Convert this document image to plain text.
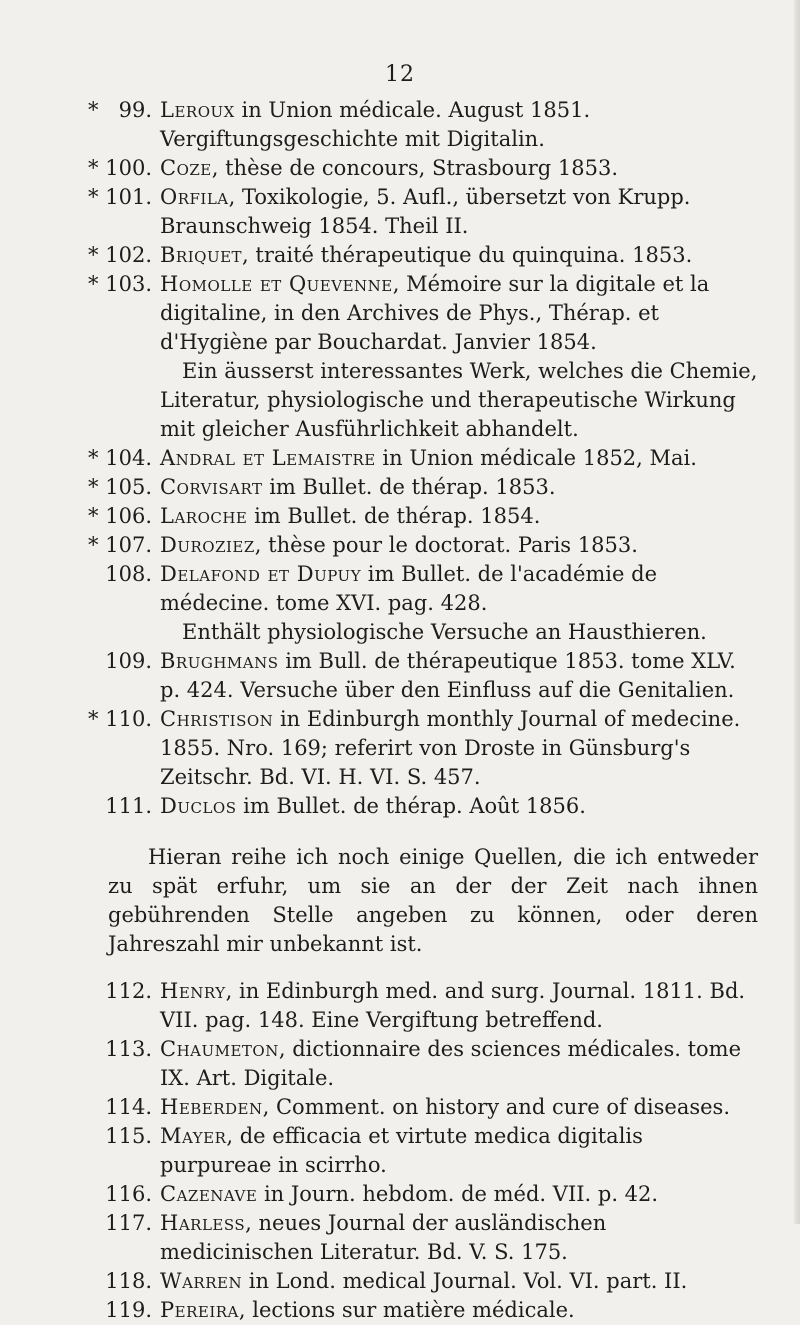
12
* 99. Leroux in Union médicale. August 1851. Vergiftungsgeschichte mit Digitalin.
* 100. Coze, thèse de concours, Strasbourg 1853.
* 101. Orfila, Toxikologie, 5. Aufl., übersetzt von Krupp. Braunschweig 1854. Theil II.
* 102. Briquet, traité thérapeutique du quinquina. 1853.
* 103. Homolle et Quevenne, Mémoire sur la digitale et la digitaline, in den Archives de Phys., Thérap. et d'Hygiène par Bouchardat. Janvier 1854.
Ein äusserst interessantes Werk, welches die Chemie, Literatur, physiologische und therapeutische Wirkung mit gleicher Ausführlichkeit abhandelt.
* 104. Andral et Lemaistre in Union médicale 1852, Mai.
* 105. Corvisart im Bullet. de thérap. 1853.
* 106. Laroche im Bullet. de thérap. 1854.
* 107. Duroziez, thèse pour le doctorat. Paris 1853.
108. Delafond et Dupuy im Bullet. de l'académie de médecine. tome XVI. pag. 428.
Enthält physiologische Versuche an Hausthieren.
109. Brughmans im Bull. de thérapeutique 1853. tome XLV. p. 424. Versuche über den Einfluss auf die Genitalien.
* 110. Christison in Edinburgh monthly Journal of medecine. 1855. Nro. 169; referirt von Droste in Günsburg's Zeitschr. Bd. VI. H. VI. S. 457.
111. Duclos im Bullet. de thérap. Août 1856.

Hieran reihe ich noch einige Quellen, die ich entweder zu spät erfuhr, um sie an der der Zeit nach ihnen gebührenden Stelle angeben zu können, oder deren Jahreszahl mir unbekannt ist.

112. Henry, in Edinburgh med. and surg. Journal. 1811. Bd. VII. pag. 148. Eine Vergiftung betreffend.
113. Chaumeton, dictionnaire des sciences médicales. tome IX. Art. Digitale.
114. Heberden, Comment. on history and cure of diseases.
115. Mayer, de efficacia et virtute medica digitalis purpureae in scirrho.
116. Cazenave in Journ. hebdom. de méd. VII. p. 42.
117. Harless, neues Journal der ausländischen medicinischen Literatur. Bd. V. S. 175.
118. Warren in Lond. medical Journal. Vol. VI. part. II.
119. Pereira, lections sur matière médicale.
